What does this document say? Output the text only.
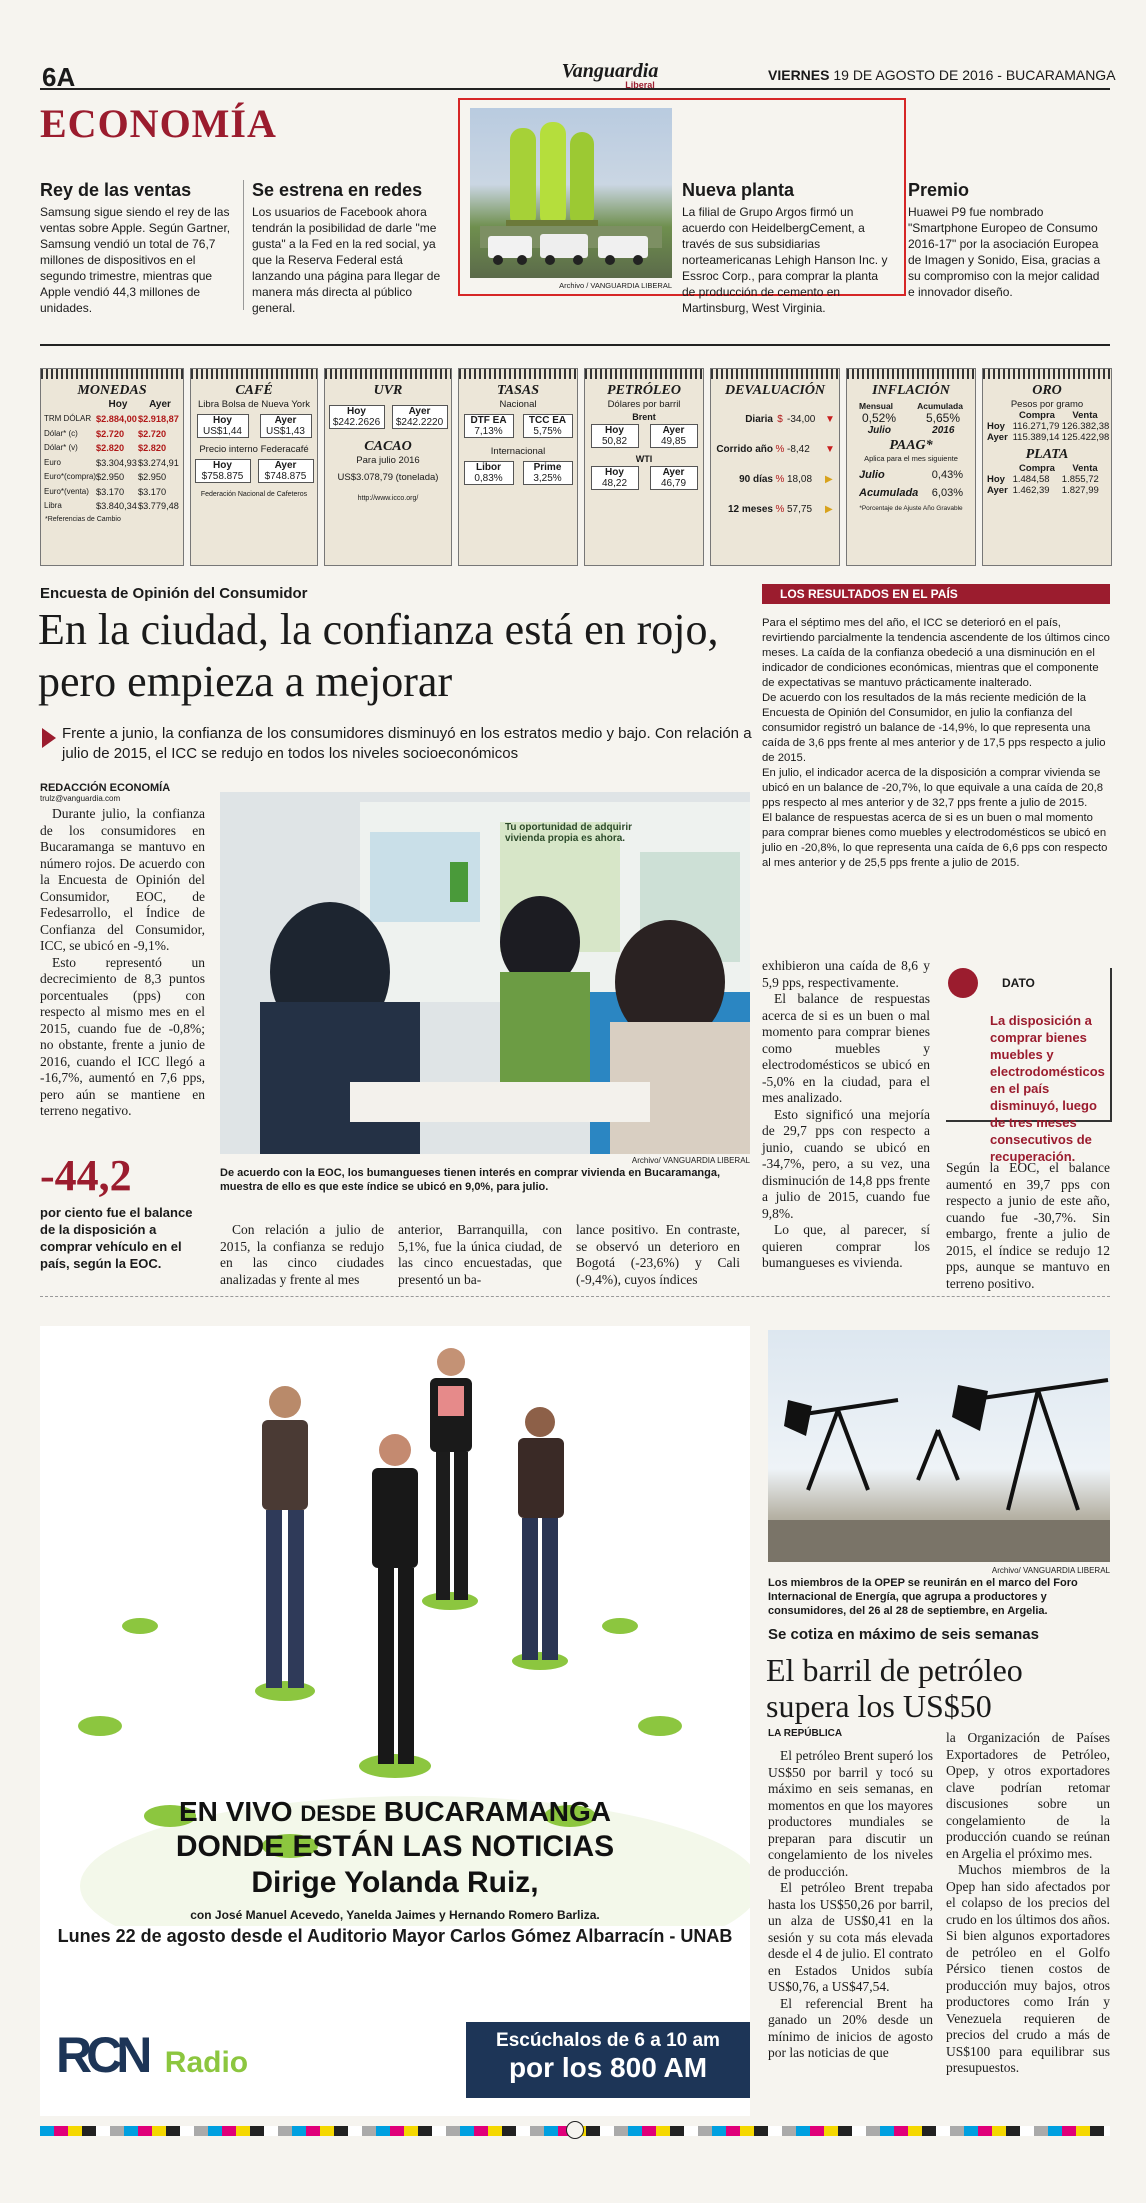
6A
ECONOMÍA
Vanguardia
Liberal
VIERNES 19 DE AGOSTO DE 2016 - BUCARAMANGA
Rey de las ventas

Samsung sigue siendo el rey de las ventas sobre Apple. Según Gartner, Samsung vendió un total de 76,7 millones de dispositivos en el segundo trimestre, mientras que Apple vendió 44,3 millones de unidades.

Se estrena en redes

Los usuarios de Facebook ahora tendrán la posibilidad de darle "me gusta" a la Fed en la red social, ya que la Reserva Federal está lanzando una página para llegar de manera más directa al público general.

Archivo / VANGUARDIA LIBERAL
Nueva planta

La filial de Grupo Argos firmó un acuerdo con HeidelbergCement, a través de sus subsidiarias norteamericanas Lehigh Hanson Inc. y Essroc Corp., para comprar la planta de producción de cemento en Martinsburg, West Virginia.

Premio

Huawei P9 fue nombrado "Smartphone Europeo de Consumo 2016-17" por la asociación Europea de Imagen y Sonido, Eisa, gracias a su compromiso con la mejor calidad e innovador diseño.

MONEDAS
Hoy	Ayer
TRM DÓLAR $2.884,00 $2.918,87
Dólar* (c)	$2.720	$2.720
Dólar* (v)	$2.820	$2.820
Euro	$3.304,93 $3.274,91
Euro*(compra) $2.950	$2.950
Euro*(venta) $3.170	$3.170
Libra	$3.840,34 $3.779,48
*Referencias de Cambio
CAFÉ
Libra Bolsa de Nueva York
Hoy
US$1,44
Ayer
US$1,43
Precio interno Federacafé
Hoy
$758.875
Ayer
$748.875
Federación Nacional de Cafeteros
UVR
Hoy
$242.2626
Ayer
$242.2220
CACAO
Para julio 2016
US$3.078,79 (tonelada)
http://www.icco.org/
TASAS
Nacional
DTF EA
7,13%
TCC EA
5,75%
Internacional
Libor
0,83%
Prime
3,25%
PETRÓLEO
Dólares por barril
Brent
Hoy
50,82
Ayer
49,85
WTI
Hoy
48,22
Ayer
46,79
DEVALUACIÓN
Diaria $ -34,00 ▼
Corrido año % -8,42	▼
90 días % 18,08	▶
12 meses % 57,75	▶
INFLACIÓN
Mensual	Acumulada
0,52% 5,65%
Julio	2016
PAAG*
Aplica para el mes siguiente
Julio	0,43%
Acumulada 6,03%
*Porcentaje de Ajuste Año Gravable
ORO
Pesos por gramo
Compra	Venta
Hoy 116.271,79 126.382,38
Ayer 115.389,14 125.422,98
PLATA
Compra	Venta
Hoy 1.484,58	1.855,72
Ayer 1.462,39	1.827,99
Encuesta de Opinión del Consumidor
En la ciudad, la confianza está en rojo, pero empieza a mejorar
Frente a junio, la confianza de los consumidores disminuyó en los estratos medio y bajo. Con relación a julio de 2015, el ICC se redujo en todos los niveles socioeconómicos
REDACCIÓN ECONOMÍA
trulz@vanguardia.com

Durante julio, la confianza de los consumidores en Bucaramanga se mantuvo en número rojos. De acuerdo con la Encuesta de Opinión del Consumidor, EOC, de Fedesarrollo, el Índice de Confianza del Consumidor, ICC, se ubicó en -9,1%.

Esto representó un decrecimiento de 8,3 puntos porcentuales (pps) con respecto al mismo mes en el 2015, cuando fue de -0,8%; no obstante, frente a junio de 2016, cuando el ICC llegó a -16,7%, aumentó en 7,6 pps, pero aún se mantiene en terreno negativo.

-44,2
por ciento fue el balance de la disposición a comprar vehículo en el país, según la EOC.
Tu oportunidad de adquirir vivienda propia es ahora.
Archivo/ VANGUARDIA LIBERAL
De acuerdo con la EOC, los bumangueses tienen interés en comprar vivienda en Bucaramanga, muestra de ello es que este índice se ubicó en 9,0%, para julio.

Con relación a julio de 2015, la confianza se redujo en las cinco ciudades analizadas y frente al mes

anterior, Barranquilla, con 5,1%, fue la única ciudad, de las cinco encuestadas, que presentó un ba-

lance positivo. En contraste, se observó un deterioro en Bogotá (-23,6%) y Cali (-9,4%), cuyos índices

exhibieron una caída de 8,6 y 5,9 pps, respectivamente.

El balance de respuestas acerca de si es un buen o mal momento para comprar bienes como muebles y electrodomésticos se ubicó en -5,0% en la ciudad, para el mes analizado.

Esto significó una mejoría de 29,7 pps con respecto a junio, cuando se ubicó en -34,7%, pero, a su vez, una disminución de 14,8 pps frente a julio de 2015, cuando fue 9,8%.

Lo que, al parecer, sí quieren comprar los bumangueses es vivienda.

DATO
La disposición a comprar bienes muebles y electrodomésticos en el país disminuyó, luego de tres meses consecutivos de recuperación.

Según la EOC, el balance aumentó en 39,7 pps con respecto a junio de este año, cuando fue -30,7%. Sin embargo, frente a julio de 2015, el índice se redujo 12 pps, aunque se mantuvo en terreno positivo.

LOS RESULTADOS EN EL PAÍS

Para el séptimo mes del año, el ICC se deterioró en el país, revirtiendo parcialmente la tendencia ascendente de los últimos cinco meses. La caída de la confianza obedeció a una disminución en el indicador de condiciones económicas, mientras que el componente de expectativas se mantuvo prácticamente inalterado.

De acuerdo con los resultados de la más reciente medición de la Encuesta de Opinión del Consumidor, en julio la confianza del consumidor registró un balance de -14,9%, lo que representa una caída de 3,6 pps frente al mes anterior y de 17,5 pps respecto a julio de 2015.

En julio, el indicador acerca de la disposición a comprar vivienda se ubicó en un balance de -20,7%, lo que equivale a una caída de 20,8 pps respecto al mes anterior y de 32,7 pps frente a julio de 2015.

El balance de respuestas acerca de si es un buen o mal momento para comprar bienes como muebles y electrodomésticos se ubicó en julio en -20,8%, lo que representa una caída de 6,6 pps con respecto al mes anterior y de 25,5 pps frente a julio de 2015.

EN VIVO DESDE BUCARAMANGA
DONDE ESTÁN LAS NOTICIAS
Dirige Yolanda Ruiz,
con José Manuel Acevedo, Yanelda Jaimes y Hernando Romero Barliza.
Lunes 22 de agosto desde el Auditorio Mayor Carlos Gómez Albarracín - UNAB
RCN Radio
Escúchalos de 6 a 10 am
por los 800 AM
Archivo/ VANGUARDIA LIBERAL
Los miembros de la OPEP se reunirán en el marco del Foro Internacional de Energía, que agrupa a productores y consumidores, del 26 al 28 de septiembre, en Argelia.
Se cotiza en máximo de seis semanas
El barril de petróleo supera los US$50
LA REPÚBLICA

El petróleo Brent superó los US$50 por barril y tocó su máximo en seis semanas, en momentos en que los mayores productores mundiales se preparan para discutir un congelamiento de los niveles de producción.

El petróleo Brent trepaba hasta los US$50,26 por barril, un alza de US$0,41 en la sesión y su cota más elevada desde el 4 de julio. El contrato en Estados Unidos subía US$0,76, a US$47,54.

El referencial Brent ha ganado un 20% desde un mínimo de inicios de agosto por las noticias de que

la Organización de Países Exportadores de Petróleo, Opep, y otros exportadores clave podrían retomar discusiones sobre un congelamiento de la producción cuando se reúnan en Argelia el próximo mes.

Muchos miembros de la Opep han sido afectados por el colapso de los precios del crudo en los últimos dos años. Si bien algunos exportadores de petróleo en el Golfo Pérsico tienen costos de producción muy bajos, otros productores como Irán y Venezuela requieren de precios del crudo a más de US$100 para equilibrar sus presupuestos.
